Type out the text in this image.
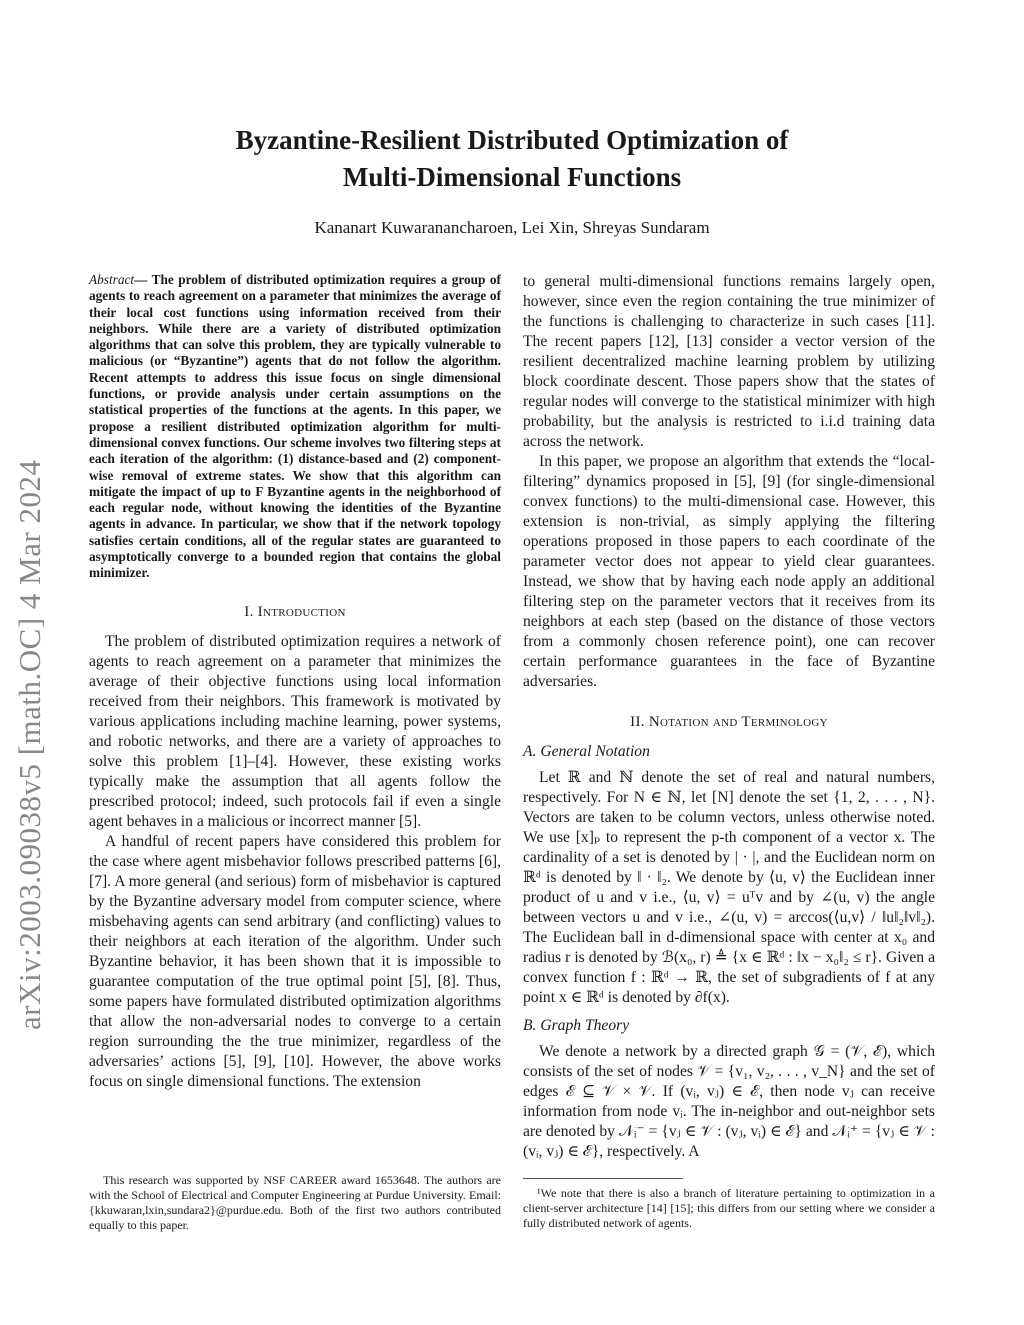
arXiv:2003.09038v5 [math.OC] 4 Mar 2024
Byzantine-Resilient Distributed Optimization of
Multi-Dimensional Functions
Kananart Kuwaranancharoen, Lei Xin, Shreyas Sundaram

Abstract— The problem of distributed optimization requires a group of agents to reach agreement on a parameter that minimizes the average of their local cost functions using information received from their neighbors. While there are a variety of distributed optimization algorithms that can solve this problem, they are typically vulnerable to malicious (or “Byzantine”) agents that do not follow the algorithm. Recent attempts to address this issue focus on single dimensional functions, or provide analysis under certain assumptions on the statistical properties of the functions at the agents. In this paper, we propose a resilient distributed optimization algorithm for multi-dimensional convex functions. Our scheme involves two filtering steps at each iteration of the algorithm: (1) distance-based and (2) component-wise removal of extreme states. We show that this algorithm can mitigate the impact of up to F Byzantine agents in the neighborhood of each regular node, without knowing the identities of the Byzantine agents in advance. In particular, we show that if the network topology satisfies certain conditions, all of the regular states are guaranteed to asymptotically converge to a bounded region that contains the global minimizer.

I. Introduction

The problem of distributed optimization requires a network of agents to reach agreement on a parameter that minimizes the average of their objective functions using local information received from their neighbors. This framework is motivated by various applications including machine learning, power systems, and robotic networks, and there are a variety of approaches to solve this problem [1]–[4]. However, these existing works typically make the assumption that all agents follow the prescribed protocol; indeed, such protocols fail if even a single agent behaves in a malicious or incorrect manner [5].

A handful of recent papers have considered this problem for the case where agent misbehavior follows prescribed patterns [6], [7]. A more general (and serious) form of misbehavior is captured by the Byzantine adversary model from computer science, where misbehaving agents can send arbitrary (and conflicting) values to their neighbors at each iteration of the algorithm. Under such Byzantine behavior, it has been shown that it is impossible to guarantee computation of the true optimal point [5], [8]. Thus, some papers have formulated distributed optimization algorithms that allow the non-adversarial nodes to converge to a certain region surrounding the the true minimizer, regardless of the adversaries’ actions [5], [9], [10]. However, the above works focus on single dimensional functions. The extension

This research was supported by NSF CAREER award 1653648. The authors are with the School of Electrical and Computer Engineering at Purdue University. Email: {kkuwaran,lxin,sundara2}@purdue.edu. Both of the first two authors contributed equally to this paper.

to general multi-dimensional functions remains largely open, however, since even the region containing the true minimizer of the functions is challenging to characterize in such cases [11]. The recent papers [12], [13] consider a vector version of the resilient decentralized machine learning problem by utilizing block coordinate descent. Those papers show that the states of regular nodes will converge to the statistical minimizer with high probability, but the analysis is restricted to i.i.d training data across the network.

In this paper, we propose an algorithm that extends the “local-filtering” dynamics proposed in [5], [9] (for single-dimensional convex functions) to the multi-dimensional case. However, this extension is non-trivial, as simply applying the filtering operations proposed in those papers to each coordinate of the parameter vector does not appear to yield clear guarantees. Instead, we show that by having each node apply an additional filtering step on the parameter vectors that it receives from its neighbors at each step (based on the distance of those vectors from a commonly chosen reference point), one can recover certain performance guarantees in the face of Byzantine adversaries.

II. Notation and Terminology
A. General Notation

Let ℝ and ℕ denote the set of real and natural numbers, respectively. For N ∈ ℕ, let [N] denote the set {1, 2, . . . , N}. Vectors are taken to be column vectors, unless otherwise noted. We use [x]ₚ to represent the p-th component of a vector x. The cardinality of a set is denoted by | · |, and the Euclidean norm on ℝᵈ is denoted by ‖ · ‖₂. We denote by ⟨u, v⟩ the Euclidean inner product of u and v i.e., ⟨u, v⟩ = uᵀv and by ∠(u, v) the angle between vectors u and v i.e., ∠(u, v) = arccos(⟨u,v⟩ / ‖u‖₂‖v‖₂). The Euclidean ball in d-dimensional space with center at x₀ and radius r is denoted by ℬ(x₀, r) ≜ {x ∈ ℝᵈ : ‖x − x₀‖₂ ≤ r}. Given a convex function f : ℝᵈ → ℝ, the set of subgradients of f at any point x ∈ ℝᵈ is denoted by ∂f(x).

B. Graph Theory

We denote a network by a directed graph 𝒢 = (𝒱, ℰ), which consists of the set of nodes 𝒱 = {v₁, v₂, . . . , v_N} and the set of edges ℰ ⊆ 𝒱 × 𝒱. If (vᵢ, vⱼ) ∈ ℰ, then node vⱼ can receive information from node vᵢ. The in-neighbor and out-neighbor sets are denoted by 𝒩ᵢ⁻ = {vⱼ ∈ 𝒱 : (vⱼ, vᵢ) ∈ ℰ} and 𝒩ᵢ⁺ = {vⱼ ∈ 𝒱 : (vᵢ, vⱼ) ∈ ℰ}, respectively. A

¹We note that there is also a branch of literature pertaining to optimization in a client-server architecture [14] [15]; this differs from our setting where we consider a fully distributed network of agents.
